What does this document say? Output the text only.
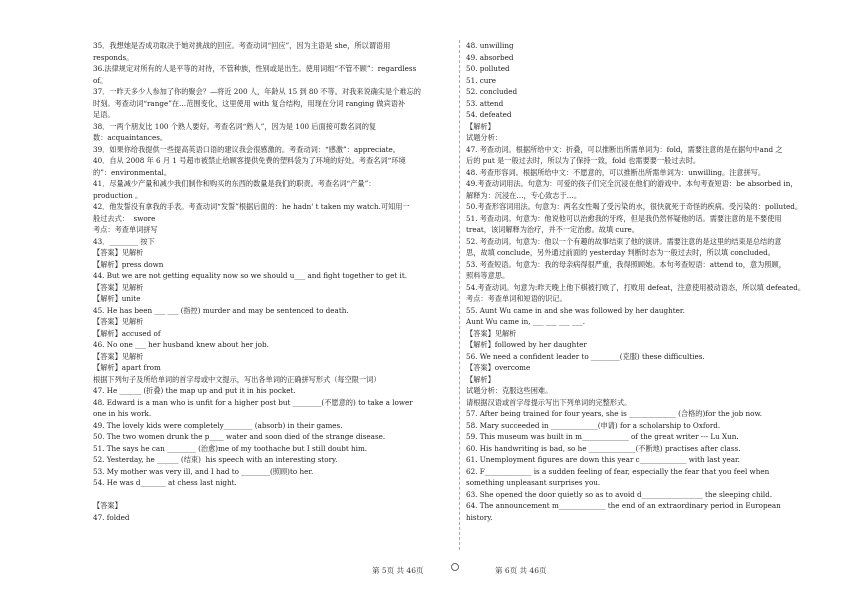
35．我想她是否成功取决于她对挑战的回应。考查动词“回应”，因为主语是 she，所以谓语用
responds。
36.法律规定对所有的人是平等的对待，不管种族，性别或是出生。使用词组“不管不顾”：regardless
of。
37．一昨天多少人参加了你的聚会？—将近 200 人，年龄从 15 到 80 不等。对我来说确实是个难忘的
时刻。考查动词“range”在…范围变化，这里使用 with 复合结构，用现在分词 ranging 做宾语补
足语。
38．一两个朋友比 100 个熟人要好。考查名词“熟人”，因为是 100 后面接可数名词的复
数：acquaintances。
39．如果你给我提供一些提高英语口语的建议我会很感激的。考查动词：“感激”：appreciate。
40．自从 2008 年 6 月 1 号超市被禁止给顾客提供免费的塑料袋为了环境的好处。考查名词“环境
的”：environmental。
41．尽量减少产量和减少我们制作和购买的东西的数量是我们的职责。考查名词“产量”：
production 。
42．他发誓没有拿我的手表。考查动词“发誓”根据后面的：he hadn' t taken my watch.可知用一
般过去式：  swore
考点：考查单词拼写
43．________ 按下
【答案】见解析
【解析】press down
44. But we are not getting equality now so we should u___ and fight together to get it.
【答案】见解析
【解析】unite
45. He has been ___ ___ (指控) murder and may be sentenced to death.
【答案】见解析
【解析】accused of
46. No one ___ her husband knew about her job.
【答案】见解析
【解析】apart from
根据下列句子及所给单词的首字母或中文提示，写出各单词的正确拼写形式（每空限一词）
47. He ______ (折叠) the map up and put it in his pocket.
48. Edward is a man who is unfit for a higher post but ________(不愿意的) to take a lower
one in his work.
49. The lovely kids were completely________ (absorb) in their games.
50. The two women drunk the p____ water and soon died of the strange disease.
51. The says he can ________ (治愈)me of my toothache but I still doubt him.
52. Yesterday, he ______ (结束)  his speech with an interesting story.
53. My mother was very ill, and I had to ________(照顾)to her.
54. He was d_______ at chess last night.

【答案】
47. folded
48. unwilling
49. absorbed
50. polluted
51. cure
52. concluded
53. attend
54. defeated
【解析】
试题分析：
47. 考查动词。根据所给中文：折叠，可以推断出所需单词为：fold，需要注意的是在据句中and 之
后的 put 是一般过去时，所以为了保持一致，fold 也需要要一般过去时。
48. 考查形容词。根据所给中文：不愿意的，可以推断出所需单词为：unwilling。注意拼写。
49.考查动词用法。句意为：可爱的孩子们完全沉浸在他们的游戏中。本句考查短语：be absorbed in，
解释为：沉浸在…，专心致志于…。
50.考查形容词用法。句意为：两名女性喝了受污染的水，很快就死于奇怪的疾病。受污染的：polluted。
51. 考查动词。句意为：他说他可以治愈我的牙疼，但是我仍然怀疑他的话。需要注意的是不要使用
treat，该词解释为治疗，并不一定治愈。故填 cure。
52. 考查动词。句意为：他以一个有趣的故事结束了他的演讲。需要注意的是这里的结束是总结的意
思，故填 conclude，另外通过前面的 yesterday 判断时态为一般过去时，所以填 concluded。
53. 考查短语。句意为：我的母亲病得很严重，我得照顾她。本句考查短语：attend to，意为照顾，
照料等意思。
54.考查动词。句意为:昨天晚上他下棋被打败了，打败用 defeat，注意使用被动语态，所以填 defeated。
考点：考查单词和短语的识记。
55. Aunt Wu came in and she was followed by her daughter.
Aunt Wu came in, ___ ___ ___ ___.
【答案】见解析
【解析】followed by her daughter
56. We need a confident leader to ________(克服) these difficulties.
【答案】overcome
【解析】
试题分析：克服这些困难。
请根据汉语或首字母提示写出下列单词的完整形式。
57. After being trained for four years, she is _____________ (合格的)for the job now.
58. Mary succeeded in _____________(申请) for a scholarship to Oxford.
59. This museum was built in m_____________ of the great writer --- Lu Xun.
60. His handwriting is bad, so he _____________(不断地) practises after class.
61. Unemployment figures are down this year c_____________ with last year.
62. F_____________ is a sudden feeling of fear, especially the fear that you feel when
something unpleasant surprises you.
63. She opened the door quietly so as to avoid d_________________ the sleeping child.
64. The announcement m_____________ the end of an extraordinary period in European
history.
第 5页 共 46页	第 6页 共 46页
